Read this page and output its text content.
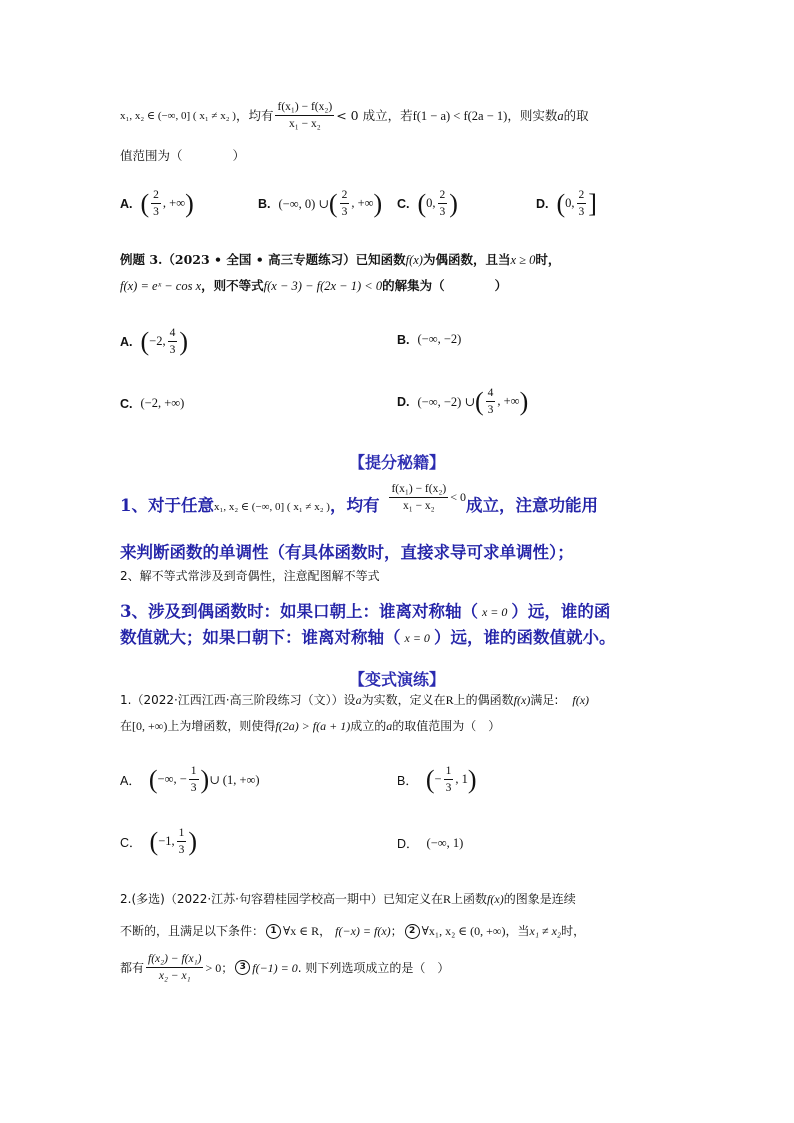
x₁, x₂ ∈ (−∞, 0] ( x₁ ≠ x₂ ) ，均有 $\frac{\text{f(x₁) − f(x₂)}}{\text{x₁ − x₂}} < 0$ 成立，若 f(1 − a) < f(2a − 1) ，则实数 a 的取
值范围为（　　　　）
A. ( $\frac{2}{3}$ , +∞ )	B. (−∞, 0) ∪ ( $\frac{2}{3}$ , +∞ ) C. ( 0, $\frac{2}{3}$ )	D. ( 0, $\frac{2}{3}$ ]
例题 3.（2023 • 全国 • 高三专题练习）已知函数f(x)为偶函数，且当x ≥ 0时，
f(x) = eˣ − cos x，则不等式f(x − 3) − f(2x − 1) < 0的解集为（　　　　）
A. ( −2, $\frac{4}{3}$ )	B. (−∞, −2)
C. (−2, +∞)	D. (−∞, −2) ∪ ( $\frac{4}{3}$ , +∞ )
【提分秘籍】
1、对于任意 x₁, x₂ ∈ (−∞, 0] ( x₁ ≠ x₂ ) ，均有 $\frac{\text{f(x₁) − f(x₂)}}{\text{x₁ − x₂}} < 0$ 成立，注意功能用
来判断函数的单调性（有具体函数时，直接求导可求单调性）；
2、解不等式常涉及到奇偶性，注意配图解不等式
3、涉及到偶函数时：如果口朝上：谁离对称轴（ x = 0 ）远，谁的函
数值就大；如果口朝下：谁离对称轴（ x = 0 ）远，谁的函数值就小。
【变式演练】
1.（2022·江西江西·高三阶段练习（文））设a为实数，定义在R上的偶函数f(x)满足: f(x)
在[0, +∞)上为增函数，则使得f(2a) > f(a + 1)成立的a的取值范围为（　）
A． ( −∞, − $\frac{1}{3}$ ) ∪ (1, +∞)	B． ( − $\frac{1}{3}$ , 1 )
C． ( −1, $\frac{1}{3}$ )	D． (−∞, 1)
2.(多选)（2022·江苏·句容碧桂园学校高一期中）已知定义在R上函数f(x)的图象是连续
不断的，且满足以下条件： 1 ∀x ∈ R， f(−x) = f(x) ； 2 ∀x₁, x₂ ∈ (0, +∞) ，当 x₁ ≠ x₂ 时，
都有 $\frac{\text{f(x₂) − f(x₁)}}{\text{x₂ − x₁}} > 0$ ； 3 f(−1) = 0 . 则下列选项成立的是（　）
